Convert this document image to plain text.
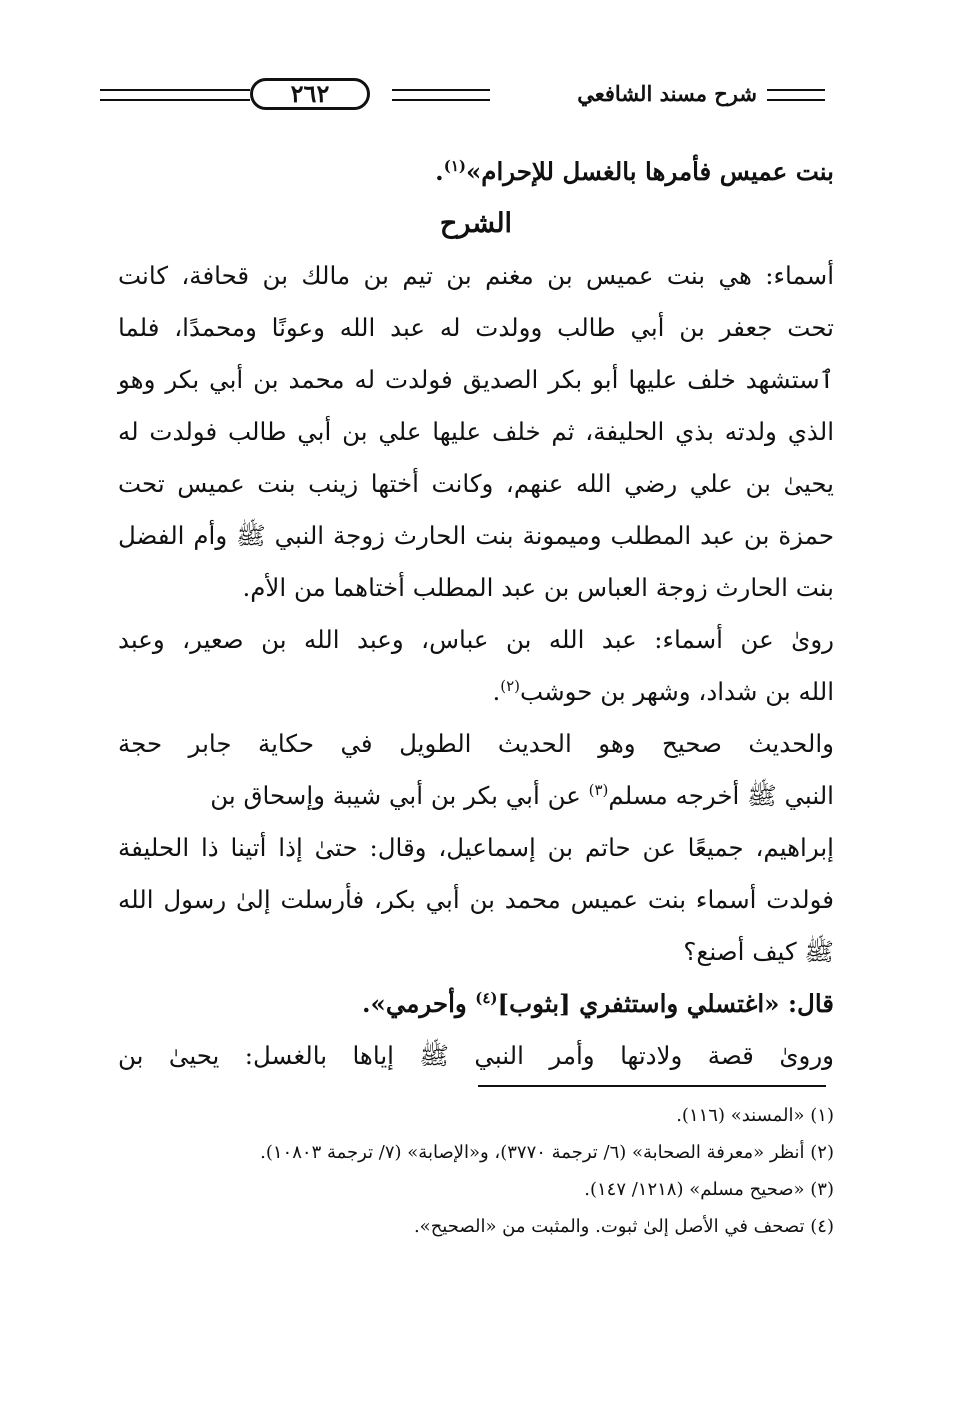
شرح مسند الشافعي
٢٦٢
بنت عميس فأمرها بالغسل للإحرام»$^{(١)}$.
الشرح
أسماء: هي بنت عميس بن مغنم بن تيم بن مالك بن قحافة، كانت
تحت جعفر بن أبي طالب وولدت له عبد الله وعونًا ومحمدًا، فلما
ٱستشهد خلف عليها أبو بكر الصديق فولدت له محمد بن أبي بكر وهو
الذي ولدته بذي الحليفة، ثم خلف عليها علي بن أبي طالب فولدت له
يحيىٰ بن علي رضي الله عنهم، وكانت أختها زينب بنت عميس تحت
حمزة بن عبد المطلب وميمونة بنت الحارث زوجة النبي ﷺ وأم الفضل
بنت الحارث زوجة العباس بن عبد المطلب أختاهما من الأم.
رویٰ عن أسماء: عبد الله بن عباس، وعبد الله بن صعير، وعبد
الله بن شداد، وشهر بن حوشب$^{(٢)}$.
والحديث صحيح وهو الحديث الطويل في حكاية جابر حجة
النبي ﷺ أخرجه مسلم$^{(٣)}$ عن أبي بكر بن أبي شيبة وإسحاق بن
إبراهيم، جميعًا عن حاتم بن إسماعيل، وقال: حتىٰ إذا أتينا ذا الحليفة
فولدت أسماء بنت عميس محمد بن أبي بكر، فأرسلت إلىٰ رسول الله
ﷺ كيف أصنع؟
قال: «اغتسلي واستثفري [بثوب]$^{(٤)}$ وأحرمي».
ورویٰ قصة ولادتها وأمر النبي ﷺ إياها بالغسل: يحيىٰ بن
(١) «المسند» (١١٦).
(٢) أنظر «معرفة الصحابة» (٦/ ترجمة ٣٧٧٠)، و«الإصابة» (٧/ ترجمة ١٠٨٠٣).
(٣) «صحيح مسلم» (١٢١٨/ ١٤٧).
(٤) تصحف في الأصل إلىٰ ثبوت. والمثبت من «الصحيح».
